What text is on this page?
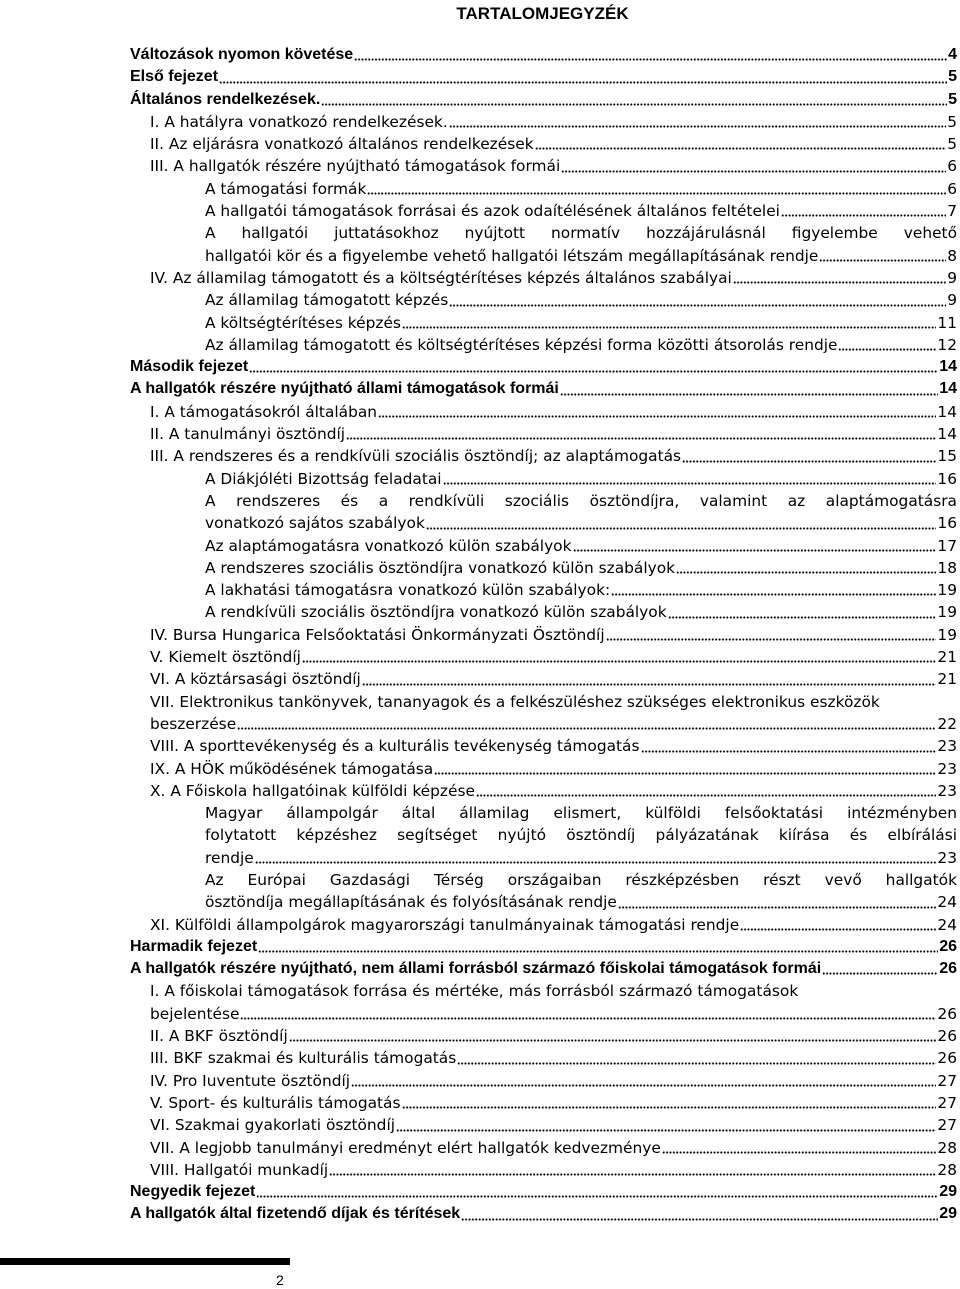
TARTALOMJEGYZÉK
Változások nyomon követése	4
Első fejezet	5
Általános rendelkezések.	5
I. A hatályra vonatkozó rendelkezések.	5
II. Az eljárásra vonatkozó általános rendelkezések	5
III. A hallgatók részére nyújtható támogatások formái	6
A támogatási formák	6
A hallgatói támogatások forrásai és azok odaítélésének általános feltételei	7
A hallgatói juttatásokhoz nyújtott normatív hozzájárulásnál figyelembe vehető
hallgatói kör és a figyelembe vehető hallgatói létszám megállapításának rendje	8
IV. Az államilag támogatott és a költségtérítéses képzés általános szabályai	9
Az államilag támogatott képzés	9
A költségtérítéses képzés	11
Az államilag támogatott és költségtérítéses képzési forma közötti átsorolás rendje	12
Második fejezet	14
A hallgatók részére nyújtható állami támogatások formái	14
I. A támogatásokról általában	14
II. A tanulmányi ösztöndíj	14
III. A rendszeres és a rendkívüli szociális ösztöndíj; az alaptámogatás	15
A Diákjóléti Bizottság feladatai	16
A rendszeres és a rendkívüli szociális ösztöndíjra, valamint az alaptámogatásra
vonatkozó sajátos szabályok	16
Az alaptámogatásra vonatkozó külön szabályok	17
A rendszeres szociális ösztöndíjra vonatkozó külön szabályok	18
A lakhatási támogatásra vonatkozó külön szabályok:	19
A rendkívüli szociális ösztöndíjra vonatkozó külön szabályok	19
IV. Bursa Hungarica Felsőoktatási Önkormányzati Ösztöndíj	19
V. Kiemelt ösztöndíj	21
VI. A köztársasági ösztöndíj	21
VII. Elektronikus tankönyvek, tananyagok és a felkészüléshez szükséges elektronikus eszközök
beszerzése	22
VIII. A sporttevékenység és a kulturális tevékenység támogatás	23
IX. A HÖK működésének támogatása	23
X. A Főiskola hallgatóinak külföldi képzése	23
Magyar állampolgár által államilag elismert, külföldi felsőoktatási intézményben
folytatott képzéshez segítséget nyújtó ösztöndíj pályázatának kiírása és elbírálási
rendje	23
Az Európai Gazdasági Térség országaiban részképzésben részt vevő hallgatók
ösztöndíja megállapításának és folyósításának rendje	24
XI. Külföldi állampolgárok magyarországi tanulmányainak támogatási rendje	24
Harmadik fejezet	26
A hallgatók részére nyújtható, nem állami forrásból származó főiskolai támogatások formái	26
I. A főiskolai támogatások forrása és mértéke, más forrásból származó támogatások
bejelentése	26
II. A BKF ösztöndíj	26
III. BKF szakmai és kulturális támogatás	26
IV. Pro Iuventute ösztöndíj	27
V. Sport- és kulturális támogatás	27
VI. Szakmai gyakorlati ösztöndíj	27
VII. A legjobb tanulmányi eredményt elért hallgatók kedvezménye	28
VIII. Hallgatói munkadíj	28
Negyedik fejezet	29
A hallgatók által fizetendő díjak és térítések	29
2
